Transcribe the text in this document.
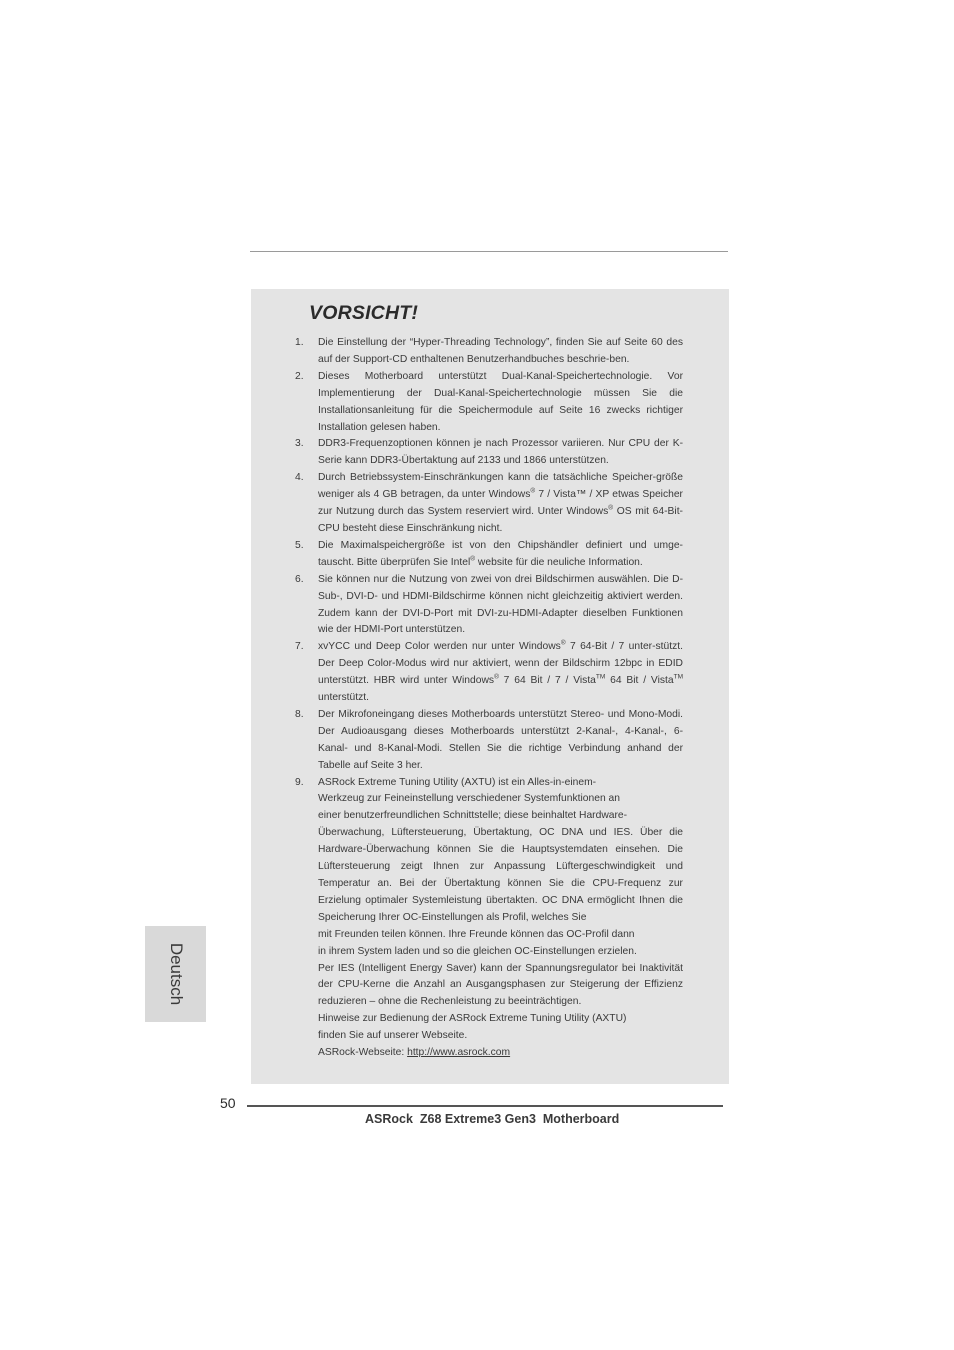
VORSICHT!
1. Die Einstellung der “Hyper-Threading Technology”, finden Sie auf Seite 60 des auf der Support-CD enthaltenen Benutzerhandbuches beschrie-ben.
2. Dieses Motherboard unterstützt Dual-Kanal-Speichertechnologie. Vor Implementierung der Dual-Kanal-Speichertechnologie müssen Sie die Installationsanleitung für die Speichermodule auf Seite 16 zwecks richtiger Installation gelesen haben.
3. DDR3-Frequenzoptionen können je nach Prozessor variieren. Nur CPU der K-Serie kann DDR3-Übertaktung auf 2133 und 1866 unterstützen.
4. Durch Betriebssystem-Einschränkungen kann die tatsächliche Speicher-größe weniger als 4 GB betragen, da unter Windows® 7 / Vista™ / XP etwas Speicher zur Nutzung durch das System reserviert wird. Unter Windows® OS mit 64-Bit-CPU besteht diese Einschränkung nicht.
5. Die Maximalspeichergröße ist von den Chipshändler definiert und umge-tauscht. Bitte überprüfen Sie Intel® website für die neuliche Information.
6. Sie können nur die Nutzung von zwei von drei Bildschirmen auswählen. Die D-Sub-, DVI-D- und HDMI-Bildschirme können nicht gleichzeitig aktiviert werden. Zudem kann der DVI-D-Port mit DVI-zu-HDMI-Adapter dieselben Funktionen wie der HDMI-Port unterstützen.
7. xvYCC und Deep Color werden nur unter Windows® 7 64-Bit / 7 unter-stützt. Der Deep Color-Modus wird nur aktiviert, wenn der Bildschirm 12bpc in EDID unterstützt. HBR wird unter Windows® 7 64 Bit / 7 / Vista™ 64 Bit / Vista™ unterstützt.
8. Der Mikrofoneingang dieses Motherboards unterstützt Stereo- und Mono-Modi. Der Audioausgang dieses Motherboards unterstützt 2-Kanal-, 4-Kanal-, 6-Kanal- und 8-Kanal-Modi. Stellen Sie die richtige Verbindung anhand der Tabelle auf Seite 3 her.
9. ASRock Extreme Tuning Utility (AXTU) ist ein Alles-in-einem-
Werkzeug zur Feineinstellung verschiedener Systemfunktionen an
einer benutzerfreundlichen Schnittstelle; diese beinhaltet Hardware-
Überwachung, Lüftersteuerung, Übertaktung, OC DNA und IES. Über die Hardware-Überwachung können Sie die Hauptsystemdaten einsehen. Die Lüftersteuerung zeigt Ihnen zur Anpassung Lüftergeschwindigkeit und Temperatur an. Bei der Übertaktung können Sie die CPU-Frequenz zur Erzielung optimaler Systemleistung übertakten. OC DNA ermöglicht Ihnen die Speicherung Ihrer OC-Einstellungen als Profil, welches Sie
mit Freunden teilen können. Ihre Freunde können das OC-Profil dann
in ihrem System laden und so die gleichen OC-Einstellungen erzielen.
Per IES (Intelligent Energy Saver) kann der Spannungsregulator bei Inaktivität der CPU-Kerne die Anzahl an Ausgangsphasen zur Steigerung der Effizienz reduzieren – ohne die Rechenleistung zu beeinträchtigen.
Hinweise zur Bedienung der ASRock Extreme Tuning Utility (AXTU)
finden Sie auf unserer Webseite.
ASRock-Webseite: http://www.asrock.com
Deutsch
50
ASRock  Z68 Extreme3 Gen3  Motherboard
